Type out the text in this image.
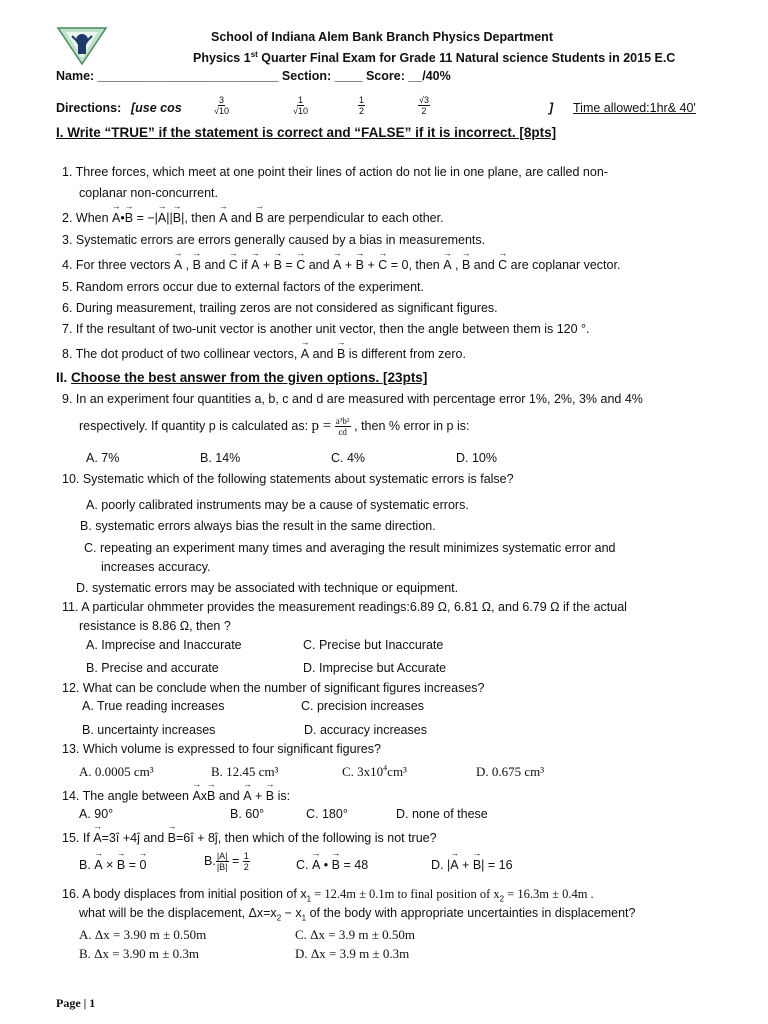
School of Indiana Alem Bank Branch Physics Department
Physics 1st Quarter Final Exam for Grade 11 Natural science Students in 2015 E.C
Name: __________________________ Section: ____ Score: __/40%
Directions: [use cos	$\frac{3}{√10}$	$\frac{1}{√10}$	$\frac{1}{2}$	$\frac{√3}{2}$	] Time allowed:1hr& 40'
I. Write “TRUE” if the statement is correct and “FALSE” if it is incorrect. [8pts]
1. Three forces, which meet at one point their lines of action do not lie in one plane, are called non-
coplanar non-concurrent.
2. When → A•→ B = −|→ A||→ B|, then → A and → B are perpendicular to each other.
3. Systematic errors are errors generally caused by a bias in measurements.
4. For three vectors → A , → B and → C if → A + → B = → C and → A + → B + → C = 0, then → A , → B and → C are coplanar vector.
5. Random errors occur due to external factors of the experiment.
6. During measurement, trailing zeros are not considered as significant figures.
7. If the resultant of two-unit vector is another unit vector, then the angle between them is 120 °.
8. The dot product of two collinear vectors, → A and → B is different from zero.
II. Choose the best answer from the given options. [23pts]
9. In an experiment four quantities a, b, c and d are measured with percentage error 1%, 2%, 3% and 4%
respectively. If quantity p is calculated as: $p = \frac{\text{a³b²}}{cd}$ , then % error in p is:
A. 7%	B. 14%	C. 4%	D. 10%
10. Systematic which of the following statements about systematic errors is false?
A. poorly calibrated instruments may be a cause of systematic errors.
B. systematic errors always bias the result in the same direction.
C. repeating an experiment many times and averaging the result minimizes systematic error and
increases accuracy.
D. systematic errors may be associated with technique or equipment.
11. A particular ohmmeter provides the measurement readings:6.89 Ω, 6.81 Ω, and 6.79 Ω if the actual
resistance is 8.86 Ω, then ?
A. Imprecise and Inaccurate	C. Precise but Inaccurate
B. Precise and accurate	D. Imprecise but Accurate
12. What can be conclude when the number of significant figures increases?
A. True reading increases	C. precision increases
B. uncertainty increases	D. accuracy increases
13. Which volume is expressed to four significant figures?
A. 0.0005 cm³	B. 12.45 cm³	C. $3x10^4cm^3$	D. 0.675 cm³
14. The angle between → Ax→ B and → A + → B is:
A. 90°	B. 60°	C. 180°	D. none of these
15. If → A=3î +4ĵ and → B=6î + 8ĵ, then which of the following is not true?
B. → A × → B = → 0	B. $\frac{|A|}{|B|} = \frac{1}{2}$	C. → A • → B = 48	D. |→ A + → B| = 16
16. A body displaces from initial position of $x_1 = 12.4m \pm 0.1m$ to final position of $x_2 = 16.3m \pm 0.4m$ .
what will be the displacement, $\Delta x=x_2 - x_1$ of the body with appropriate uncertainties in displacement?
A. Δx = 3.90 m ± 0.50m	C. Δx = 3.9 m ± 0.50m
B. Δx = 3.90 m ± 0.3m	D. Δx = 3.9 m ± 0.3m
Page | 1
